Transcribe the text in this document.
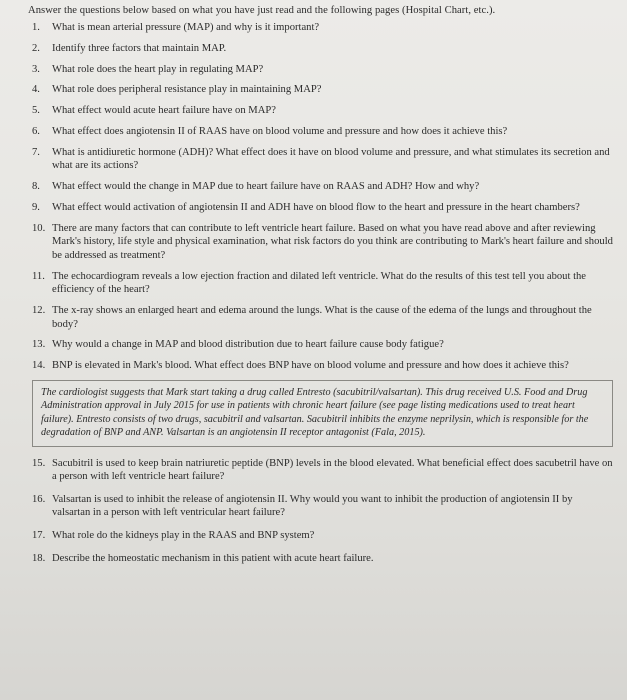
Answer the questions below based on what you have just read and the following pages (Hospital Chart, etc.).

1.	What is mean arterial pressure (MAP) and why is it important?
2.	Identify three factors that maintain MAP.
3.	What role does the heart play in regulating MAP?
4.	What role does peripheral resistance play in maintaining MAP?
5.	What effect would acute heart failure have on MAP?
6.	What effect does angiotensin II of RAAS have on blood volume and pressure and how does it achieve this?
7.	What is antidiuretic hormone (ADH)? What effect does it have on blood volume and pressure, and what stimulates its secretion and what are its actions?
8.	What effect would the change in MAP due to heart failure have on RAAS and ADH? How and why?
9.	What effect would activation of angiotensin II and ADH have on blood flow to the heart and pressure in the heart chambers?
10. There are many factors that can contribute to left ventricle heart failure. Based on what you have read above and after reviewing Mark's history, life style and physical examination, what risk factors do you think are contributing to Mark's heart failure and should be addressed as treatment?
11. The echocardiogram reveals a low ejection fraction and dilated left ventricle. What do the results of this test tell you about the efficiency of the heart?
12. The x-ray shows an enlarged heart and edema around the lungs. What is the cause of the edema of the lungs and throughout the body?
13. Why would a change in MAP and blood distribution due to heart failure cause body fatigue?
14. BNP is elevated in Mark's blood. What effect does BNP have on blood volume and pressure and how does it achieve this?
The cardiologist suggests that Mark start taking a drug called Entresto (sacubitril/valsartan). This drug received U.S. Food and Drug Administration approval in July 2015 for use in patients with chronic heart failure (see page listing medications used to treat heart failure). Entresto consists of two drugs, sacubitril and valsartan. Sacubitril inhibits the enzyme neprilysin, which is responsible for the degradation of BNP and ANP. Valsartan is an angiotensin II receptor antagonist (Fala, 2015).
15. Sacubitril is used to keep brain natriuretic peptide (BNP) levels in the blood elevated. What beneficial effect does sacubetril have on a person with left ventricle heart failure?
16. Valsartan is used to inhibit the release of angiotensin II. Why would you want to inhibit the production of angiotensin II by valsartan in a person with left ventricular heart failure?
17. What role do the kidneys play in the RAAS and BNP system?
18. Describe the homeostatic mechanism in this patient with acute heart failure.
